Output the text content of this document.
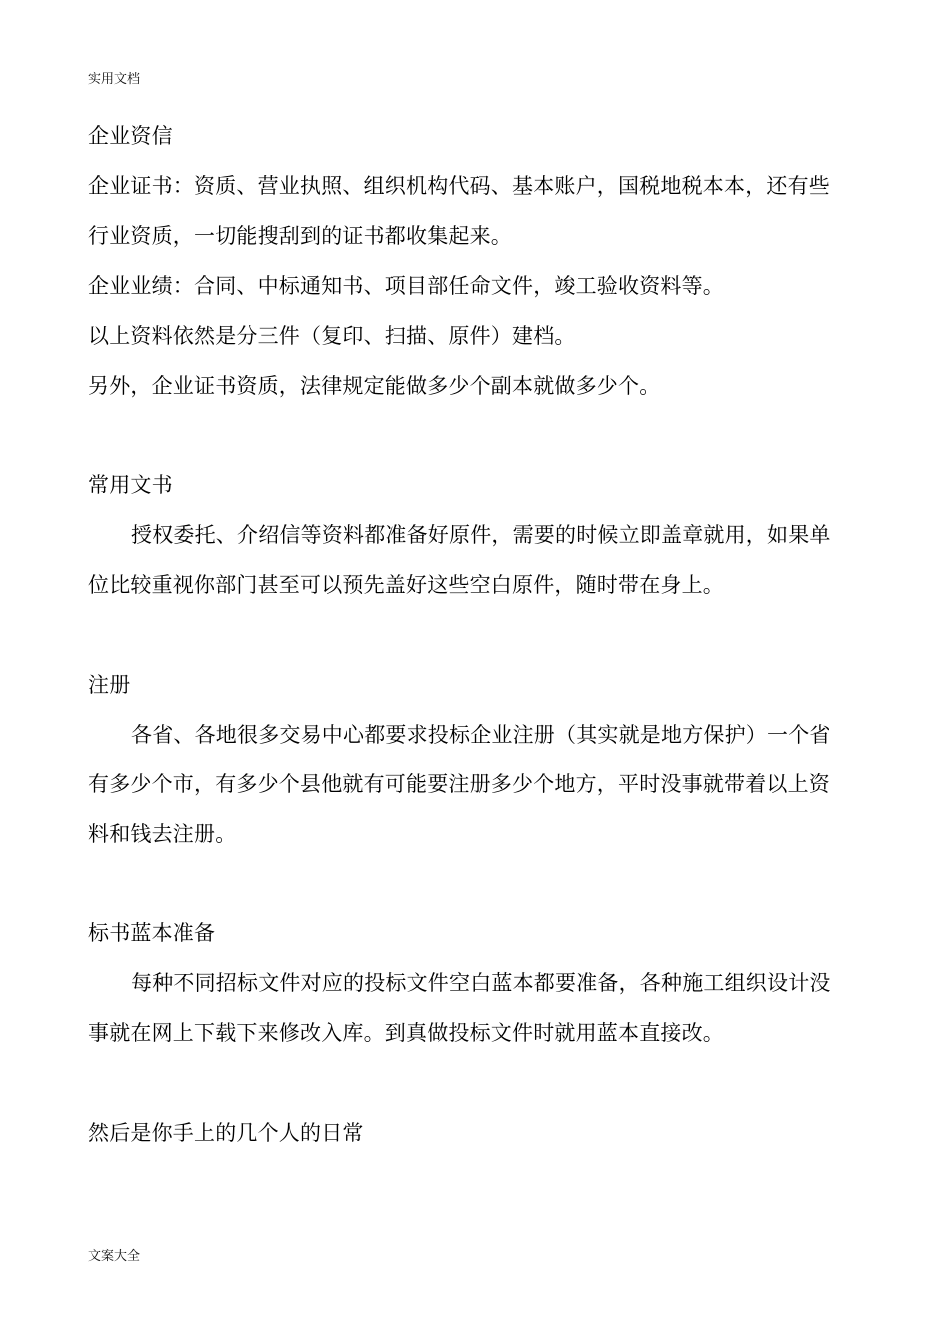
实用文档
企业资信
企业证书：资质、营业执照、组织机构代码、基本账户，国税地税本本，还有些
行业资质，一切能搜刮到的证书都收集起来。
企业业绩：合同、中标通知书、项目部任命文件，竣工验收资料等。
以上资料依然是分三件（复印、扫描、原件）建档。
另外，企业证书资质，法律规定能做多少个副本就做多少个。
常用文书
授权委托、介绍信等资料都准备好原件，需要的时候立即盖章就用，如果单
位比较重视你部门甚至可以预先盖好这些空白原件，随时带在身上。
注册
各省、各地很多交易中心都要求投标企业注册（其实就是地方保护）一个省
有多少个市，有多少个县他就有可能要注册多少个地方，平时没事就带着以上资
料和钱去注册。
标书蓝本准备
每种不同招标文件对应的投标文件空白蓝本都要准备，各种施工组织设计没
事就在网上下载下来修改入库。到真做投标文件时就用蓝本直接改。
然后是你手上的几个人的日常
文案大全
